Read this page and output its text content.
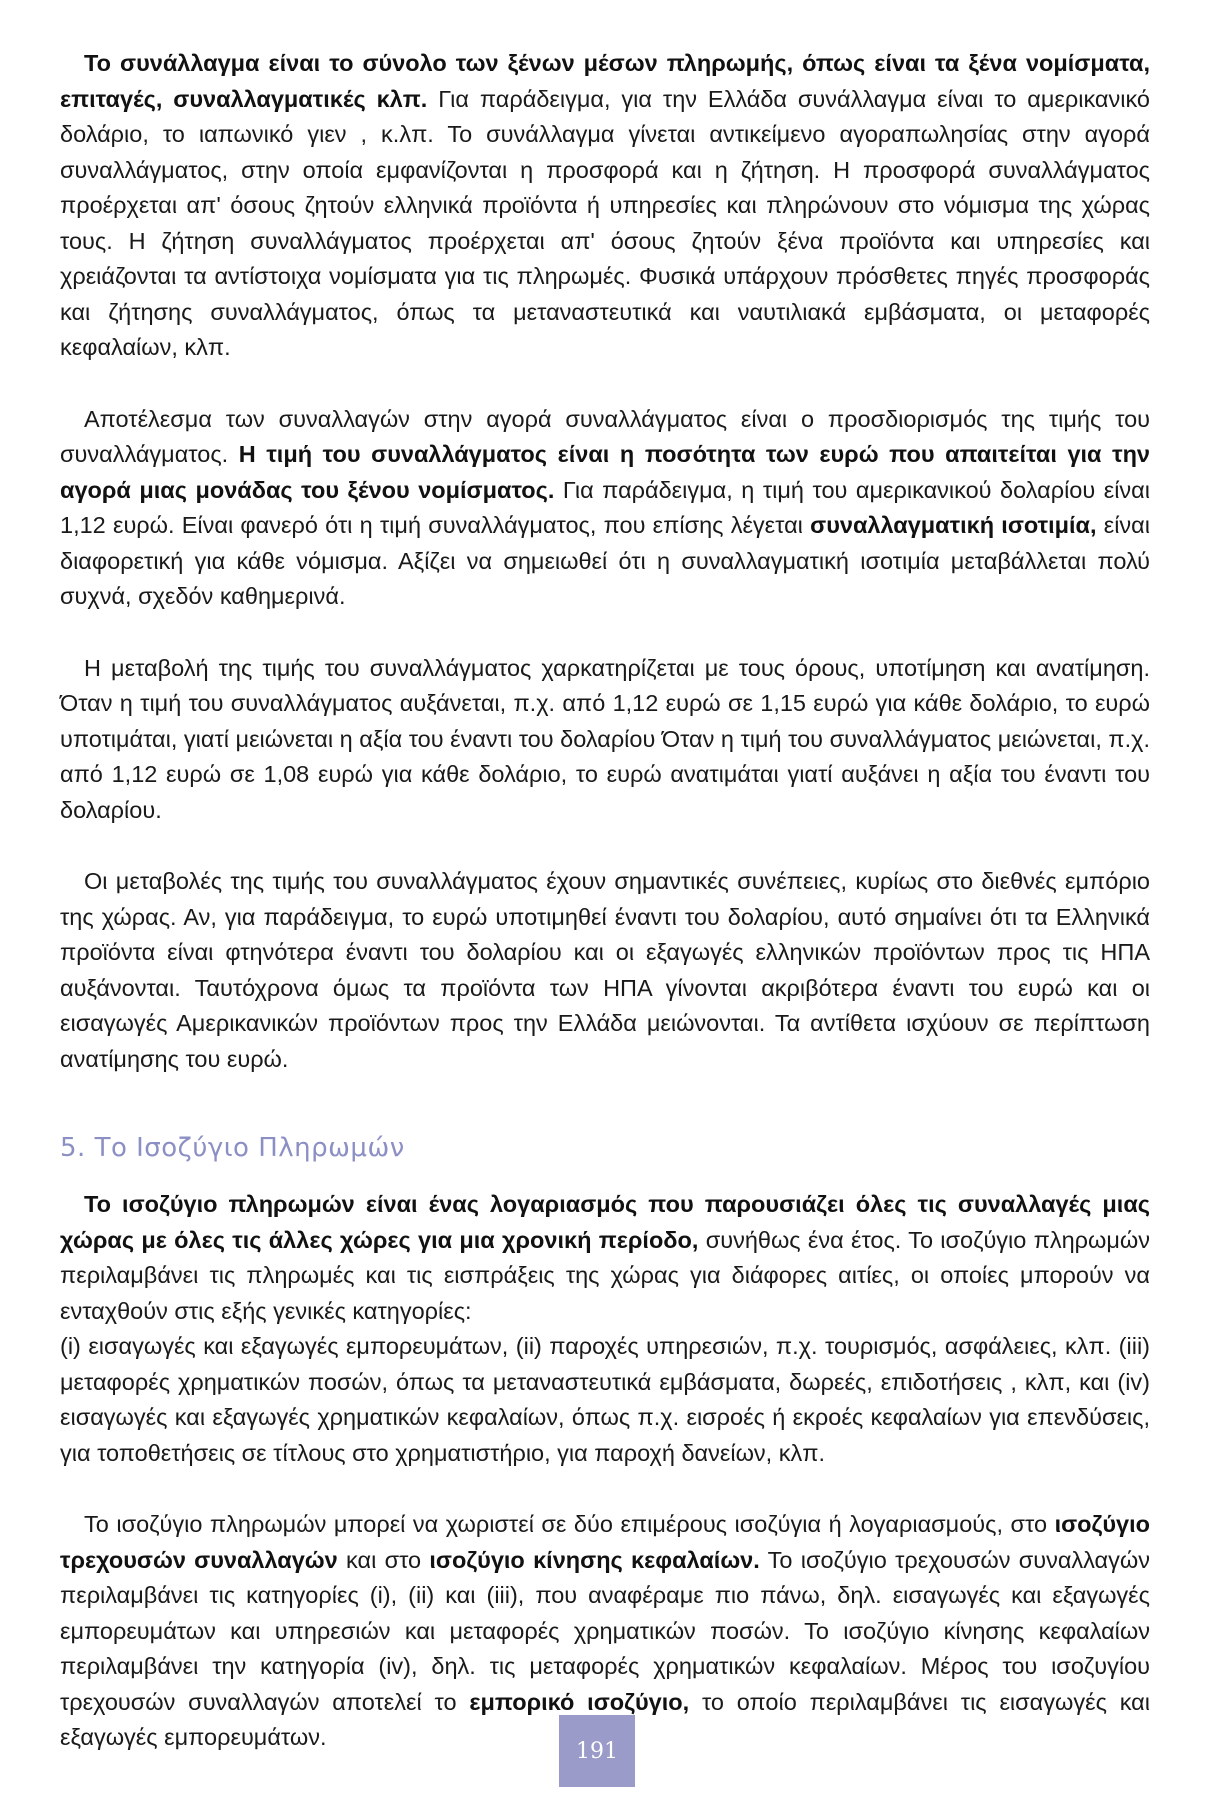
Το συνάλλαγμα είναι το σύνολο των ξένων μέσων πληρωμής, όπως είναι τα ξένα νομίσματα, επιταγές, συναλλαγματικές κλπ. Για παράδειγμα, για την Ελλάδα συνάλλαγμα είναι το αμερικανικό δολάριο, το ιαπωνικό γιεν , κ.λπ. Το συνάλλαγμα γίνεται αντικείμενο αγοραπωλησίας στην αγορά συναλλάγματος, στην οποία εμφανίζονται η προσφορά και η ζήτηση. Η προσφορά συναλλάγματος προέρχεται απ' όσους ζητούν ελληνικά προϊόντα ή υπηρεσίες και πληρώνουν στο νόμισμα της χώρας τους. Η ζήτηση συναλλάγματος προέρχεται απ' όσους ζητούν ξένα προϊόντα και υπηρεσίες και χρειάζονται τα αντίστοιχα νομίσματα για τις πληρωμές. Φυσικά υπάρχουν πρόσθετες πηγές προσφοράς και ζήτησης συναλλάγματος, όπως τα μεταναστευτικά και ναυτιλιακά εμβάσματα, οι μεταφορές κεφαλαίων, κλπ.

Αποτέλεσμα των συναλλαγών στην αγορά συναλλάγματος είναι ο προσδιορισμός της τιμής του συναλλάγματος. Η τιμή του συναλλάγματος είναι η ποσότητα των ευρώ που απαιτείται για την αγορά μιας μονάδας του ξένου νομίσματος. Για παράδειγμα, η τιμή του αμερικανικού δολαρίου είναι 1,12 ευρώ. Είναι φανερό ότι η τιμή συναλλάγματος, που επίσης λέγεται συναλλαγματική ισοτιμία, είναι διαφορετική για κάθε νόμισμα. Αξίζει να σημειωθεί ότι η συναλλαγματική ισοτιμία μεταβάλλεται πολύ συχνά, σχεδόν καθημερινά.

Η μεταβολή της τιμής του συναλλάγματος χαρκατηρίζεται με τους όρους, υποτίμηση και ανατίμηση. Όταν η τιμή του συναλλάγματος αυξάνεται, π.χ. από 1,12 ευρώ σε 1,15 ευρώ για κάθε δολάριο, το ευρώ υποτιμάται, γιατί μειώνεται η αξία του έναντι του δολαρίου Όταν η τιμή του συναλλάγματος μειώνεται, π.χ. από 1,12 ευρώ σε 1,08 ευρώ για κάθε δολάριο, το ευρώ ανατιμάται γιατί αυξάνει η αξία του έναντι του δολαρίου.

Οι μεταβολές της τιμής του συναλλάγματος έχουν σημαντικές συνέπειες, κυρίως στο διεθνές εμπόριο της χώρας. Αν, για παράδειγμα, το ευρώ υποτιμηθεί έναντι του δολαρίου, αυτό σημαίνει ότι τα Ελληνικά προϊόντα είναι φτηνότερα έναντι του δολαρίου και οι εξαγωγές ελληνικών προϊόντων προς τις ΗΠΑ αυξάνονται. Ταυτόχρονα όμως τα προϊόντα των ΗΠΑ γίνονται ακριβότερα έναντι του ευρώ και οι εισαγωγές Αμερικανικών προϊόντων προς την Ελλάδα μειώνονται. Τα αντίθετα ισχύουν σε περίπτωση ανατίμησης του ευρώ.

5. Το Ισοζύγιο Πληρωμών

Το ισοζύγιο πληρωμών είναι ένας λογαριασμός που παρουσιάζει όλες τις συναλλαγές μιας χώρας με όλες τις άλλες χώρες για μια χρονική περίοδο, συνήθως ένα έτος. Το ισοζύγιο πληρωμών περιλαμβάνει τις πληρωμές και τις εισπράξεις της χώρας για διάφορες αιτίες, οι οποίες μπορούν να ενταχθούν στις εξής γενικές κατηγορίες:

(i) εισαγωγές και εξαγωγές εμπορευμάτων, (ii) παροχές υπηρεσιών, π.χ. τουρισμός, ασφάλειες, κλπ. (iii) μεταφορές χρηματικών ποσών, όπως τα μεταναστευτικά εμβάσματα, δωρεές, επιδοτήσεις , κλπ, και (iv) εισαγωγές και εξαγωγές χρηματικών κεφαλαίων, όπως π.χ. εισροές ή εκροές κεφαλαίων για επενδύσεις, για τοποθετήσεις σε τίτλους στο χρηματιστήριο, για παροχή δανείων, κλπ.

Το ισοζύγιο πληρωμών μπορεί να χωριστεί σε δύο επιμέρους ισοζύγια ή λογαριασμούς, στο ισοζύγιο τρεχουσών συναλλαγών και στο ισοζύγιο κίνησης κεφαλαίων. Το ισοζύγιο τρεχουσών συναλλαγών περιλαμβάνει τις κατηγορίες (i), (ii) και (iii), που αναφέραμε πιο πάνω, δηλ. εισαγωγές και εξαγωγές εμπορευμάτων και υπηρεσιών και μεταφορές χρηματικών ποσών. Το ισοζύγιο κίνησης κεφαλαίων περιλαμβάνει την κατηγορία (iv), δηλ. τις μεταφορές χρηματικών κεφαλαίων. Μέρος του ισοζυγίου τρεχουσών συναλλαγών αποτελεί το εμπορικό ισοζύγιο, το οποίο περιλαμβάνει τις εισαγωγές και εξαγωγές εμπορευμάτων.

191
